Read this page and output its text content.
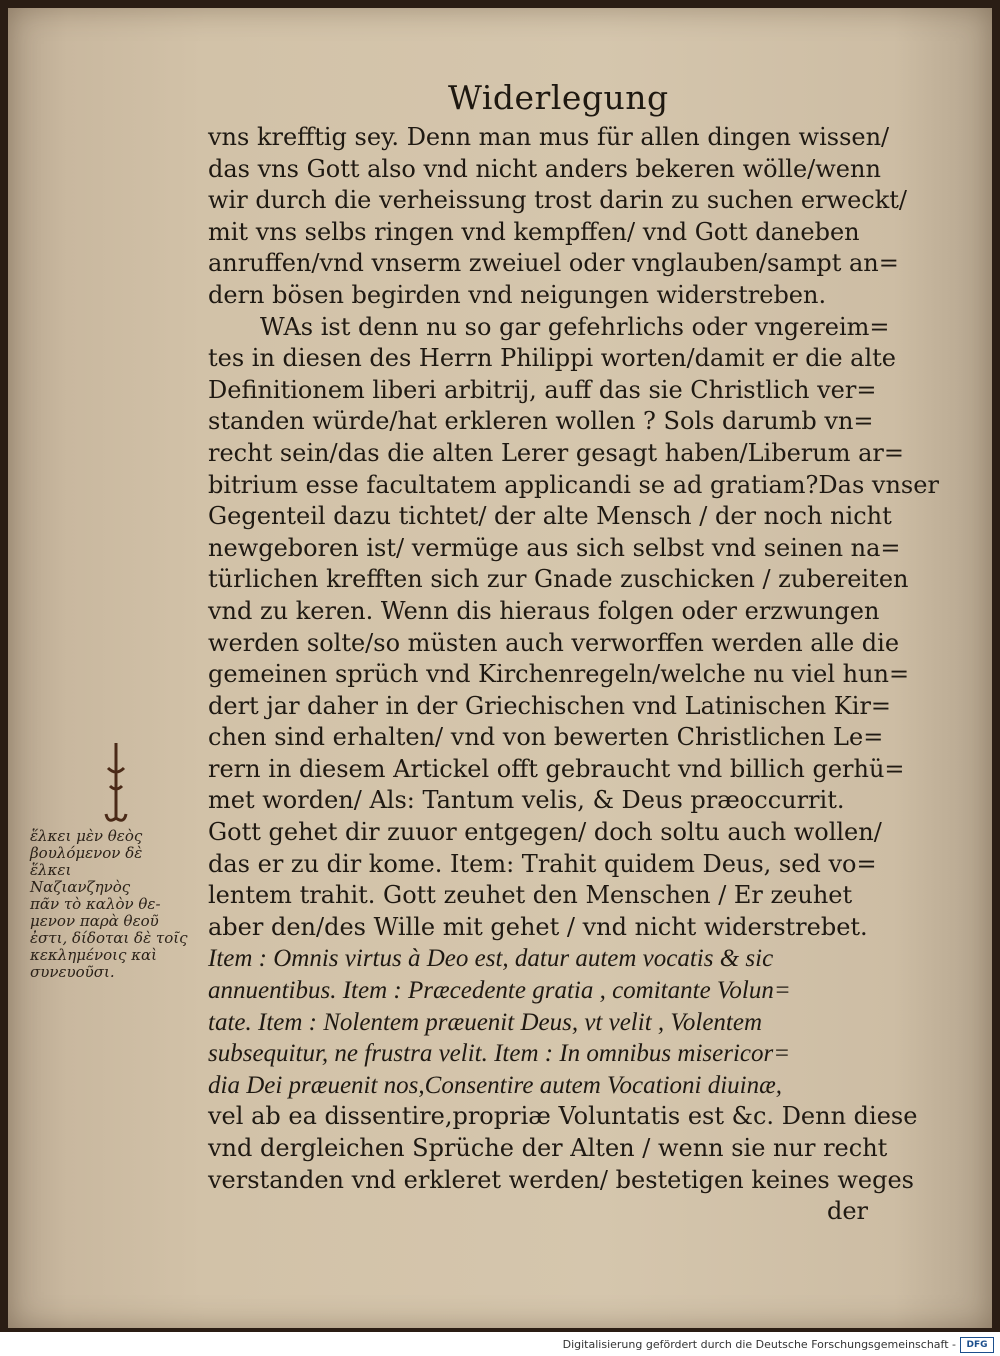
Widerlegung
vns krefftig sey. Denn man mus für allen dingen wissen/
das vns Gott also vnd nicht anders bekeren wölle/wenn
wir durch die verheissung trost darin zu suchen erweckt/
mit vns selbs ringen vnd kempffen/ vnd Gott daneben
anruffen/vnd vnserm zweiuel oder vnglauben/sampt an=
dern bösen begirden vnd neigungen widerstreben.
WAs ist denn nu so gar gefehrlichs oder vngereim=
tes in diesen des Herrn Philippi worten/damit er die alte
Definitionem liberi arbitrij, auff das sie Christlich ver=
standen würde/hat erkleren wollen ? Sols darumb vn=
recht sein/das die alten Lerer gesagt haben/Liberum ar=
bitrium esse facultatem applicandi se ad gratiam?Das vnser
Gegenteil dazu tichtet/ der alte Mensch / der noch nicht
newgeboren ist/ vermüge aus sich selbst vnd seinen na=
türlichen krefften sich zur Gnade zuschicken / zubereiten
vnd zu keren. Wenn dis hieraus folgen oder erzwungen
werden solte/so müsten auch verworffen werden alle die
gemeinen sprüch vnd Kirchenregeln/welche nu viel hun=
dert jar daher in der Griechischen vnd Latinischen Kir=
chen sind erhalten/ vnd von bewerten Christlichen Le=
rern in diesem Artickel offt gebraucht vnd billich gerhü=
met worden/ Als: Tantum velis, & Deus præoccurrit.
Gott gehet dir zuuor entgegen/ doch soltu auch wollen/
das er zu dir kome. Item: Trahit quidem Deus, sed vo=
lentem trahit. Gott zeuhet den Menschen / Er zeuhet
aber den/des Wille mit gehet / vnd nicht widerstrebet.
Item : Omnis virtus à Deo est, datur autem vocatis & sic
annuentibus. Item : Præcedente gratia , comitante Volun=
tate. Item : Nolentem præuenit Deus, vt velit , Volentem
subsequitur, ne frustra velit. Item : In omnibus misericor=
dia Dei præuenit nos,Consentire autem Vocationi diuinæ,
vel ab ea dissentire,propriæ Voluntatis est &c. Denn diese
vnd dergleichen Sprüche der Alten / wenn sie nur recht
verstanden vnd erkleret werden/ bestetigen keines weges
der
ἕλκει μὲν θεὸς
βουλόμενον δὲ
ἕλκει
Ναζιανζηνὸς
πᾶν τὸ καλὸν θε-
μενον παρὰ θεοῦ
ἐστι, δίδοται δὲ τοῖς
κεκλημένοις καὶ
συνευοῦσι.
Digitalisierung gefördert durch die Deutsche Forschungsgemeinschaft -	DFG
